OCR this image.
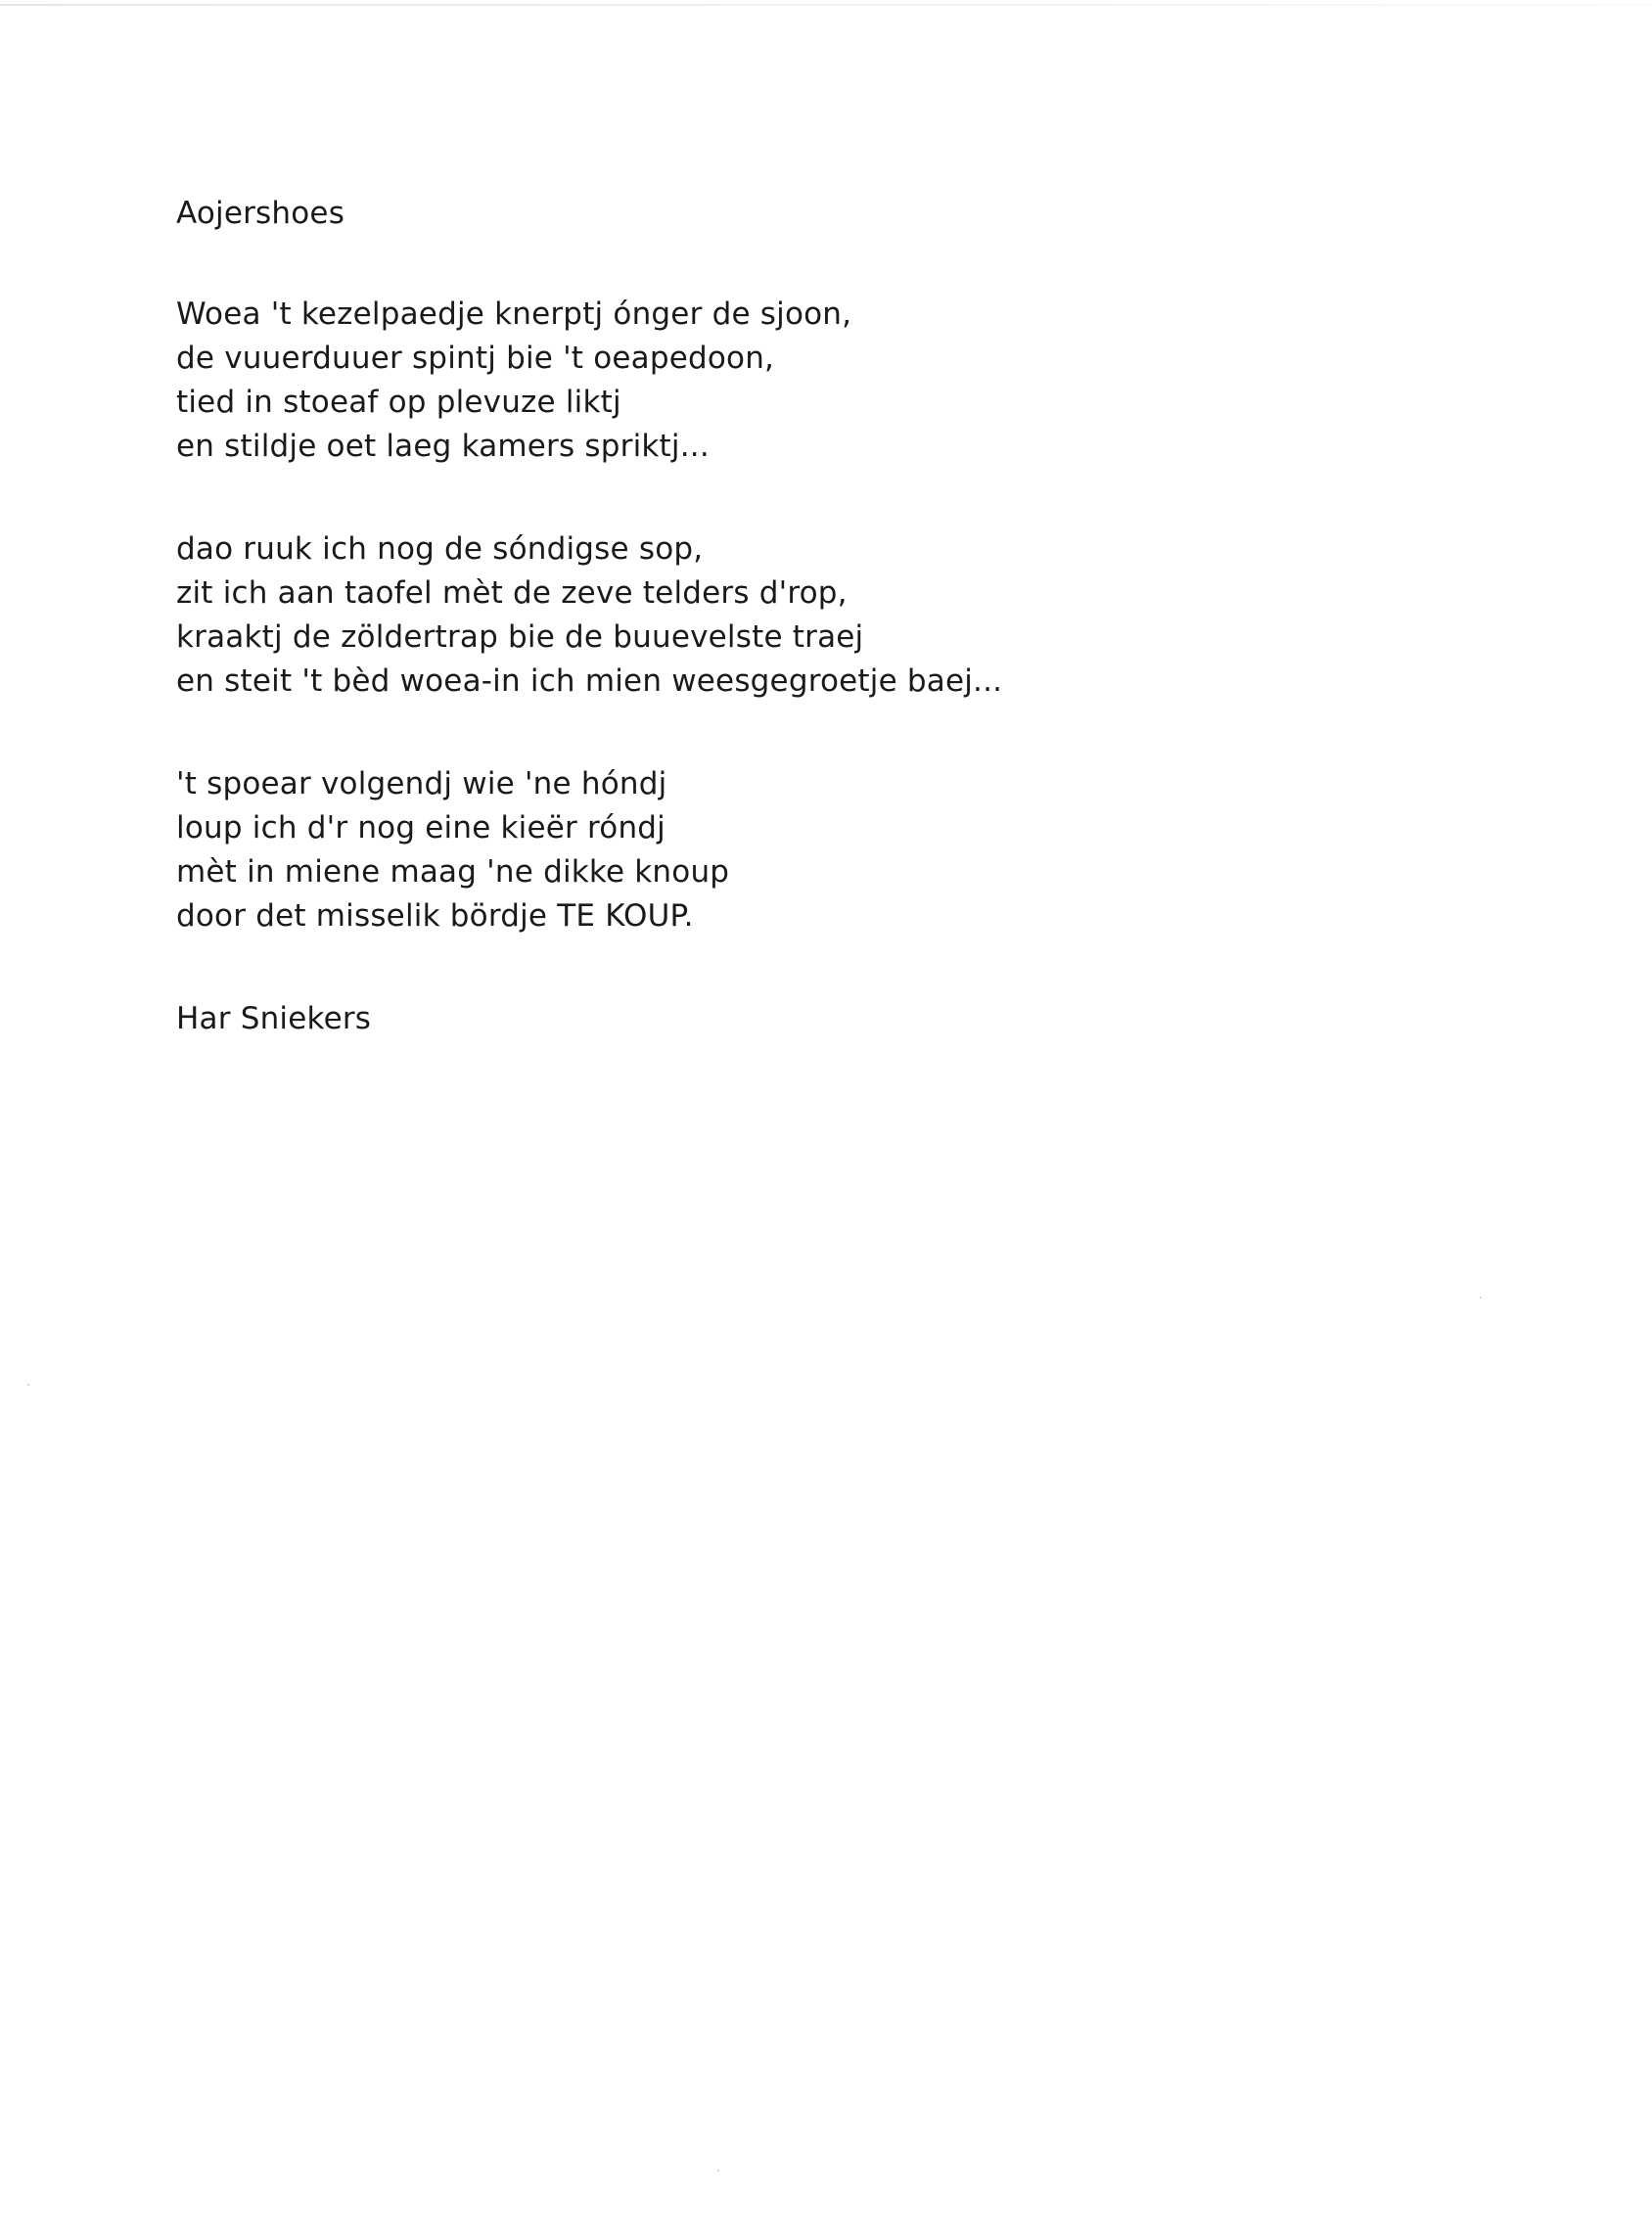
Aojershoes
Woea 't kezelpaedje knerptj ónger de sjoon,
de vuuerduuer spintj bie 't oeapedoon,
tied in stoeaf op plevuze liktj
en stildje oet laeg kamers spriktj...
dao ruuk ich nog de sóndigse sop,
zit ich aan taofel mèt de zeve telders d'rop,
kraaktj de zöldertrap bie de buuevelste traej
en steit 't bèd woea-in ich mien weesgegroetje baej...
't spoear volgendj wie 'ne hóndj
loup ich d'r nog eine kieër róndj
mèt in miene maag 'ne dikke knoup
door det misselik bördje TE KOUP.

Har Sniekers
